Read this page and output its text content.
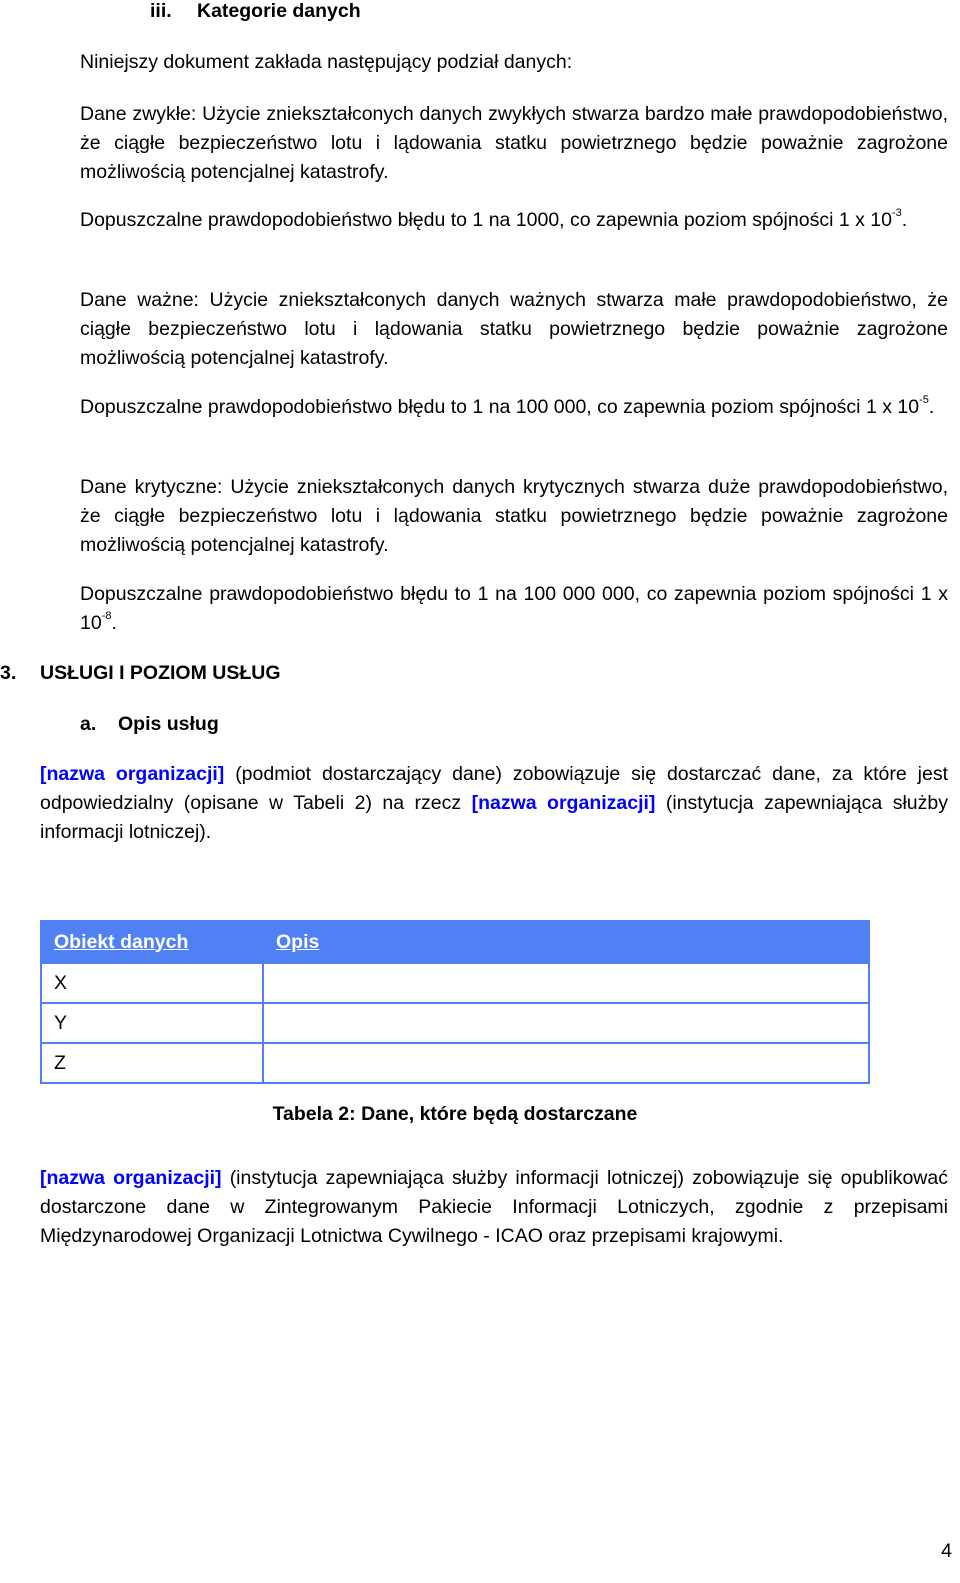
iii. Kategorie danych

Niniejszy dokument zakłada następujący podział danych:

Dane zwykłe: Użycie zniekształconych danych zwykłych stwarza bardzo małe prawdopodobieństwo, że ciągłe bezpieczeństwo lotu i lądowania statku powietrznego będzie poważnie zagrożone możliwością potencjalnej katastrofy.

Dopuszczalne prawdopodobieństwo błędu to 1 na 1000, co zapewnia poziom spójności 1 x $10^{-3}$.

Dane ważne: Użycie zniekształconych danych ważnych stwarza małe prawdopodobieństwo, że ciągłe bezpieczeństwo lotu i lądowania statku powietrznego będzie poważnie zagrożone możliwością potencjalnej katastrofy.

Dopuszczalne prawdopodobieństwo błędu to 1 na 100 000, co zapewnia poziom spójności 1 x $10^{-5}$.

Dane krytyczne: Użycie zniekształconych danych krytycznych stwarza duże prawdopodobieństwo, że ciągłe bezpieczeństwo lotu i lądowania statku powietrznego będzie poważnie zagrożone możliwością potencjalnej katastrofy.

Dopuszczalne prawdopodobieństwo błędu to 1 na 100 000 000, co zapewnia poziom spójności 1 x $10^{-8}$.

3. USŁUGI I POZIOM USŁUG
a. Opis usług

[nazwa organizacji] (podmiot dostarczający dane) zobowiązuje się dostarczać dane, za które jest odpowiedzialny (opisane w Tabeli 2) na rzecz [nazwa organizacji] (instytucja zapewniająca służby informacji lotniczej).

Obiekt danych	Opis
X	
Y	
Z	
Tabela 2: Dane, które będą dostarczane

[nazwa organizacji] (instytucja zapewniająca służby informacji lotniczej) zobowiązuje się opublikować dostarczone dane w Zintegrowanym Pakiecie Informacji Lotniczych, zgodnie z przepisami Międzynarodowej Organizacji Lotnictwa Cywilnego - ICAO oraz przepisami krajowymi.

4
